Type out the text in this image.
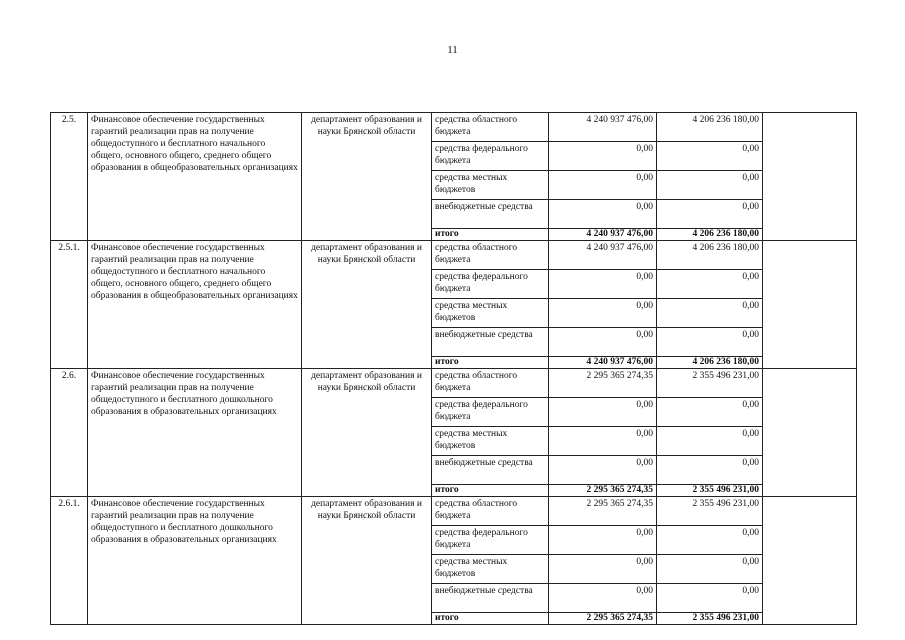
11
2.5.	Финансовое обеспечение государственных гарантий реализации прав на получение общедоступного и бесплатного начального общего, основного общего, среднего общего образования в общеобразовательных организациях	департамент образования и науки Брянской области	средства областного бюджета	4 240 937 476,00	4 206 236 180,00	
			средства федерального бюджета	0,00	0,00	
			средства местных бюджетов	0,00	0,00	
			внебюджетные средства	0,00	0,00	
			итого	4 240 937 476,00	4 206 236 180,00	
2.5.1.	Финансовое обеспечение государственных гарантий реализации прав на получение общедоступного и бесплатного начального общего, основного общего, среднего общего образования в общеобразовательных организациях	департамент образования и науки Брянской области	средства областного бюджета	4 240 937 476,00	4 206 236 180,00	
			средства федерального бюджета	0,00	0,00	
			средства местных бюджетов	0,00	0,00	
			внебюджетные средства	0,00	0,00	
			итого	4 240 937 476,00	4 206 236 180,00	
2.6.	Финансовое обеспечение государственных гарантий реализации прав на получение общедоступного и бесплатного дошкольного образования в образовательных организациях	департамент образования и науки Брянской области	средства областного бюджета	2 295 365 274,35	2 355 496 231,00	
			средства федерального бюджета	0,00	0,00	
			средства местных бюджетов	0,00	0,00	
			внебюджетные средства	0,00	0,00	
			итого	2 295 365 274,35	2 355 496 231,00	
2.6.1.	Финансовое обеспечение государственных гарантий реализации прав на получение общедоступного и бесплатного дошкольного образования в образовательных организациях	департамент образования и науки Брянской области	средства областного бюджета	2 295 365 274,35	2 355 496 231,00	
			средства федерального бюджета	0,00	0,00	
			средства местных бюджетов	0,00	0,00	
			внебюджетные средства	0,00	0,00	
			итого	2 295 365 274,35	2 355 496 231,00	
